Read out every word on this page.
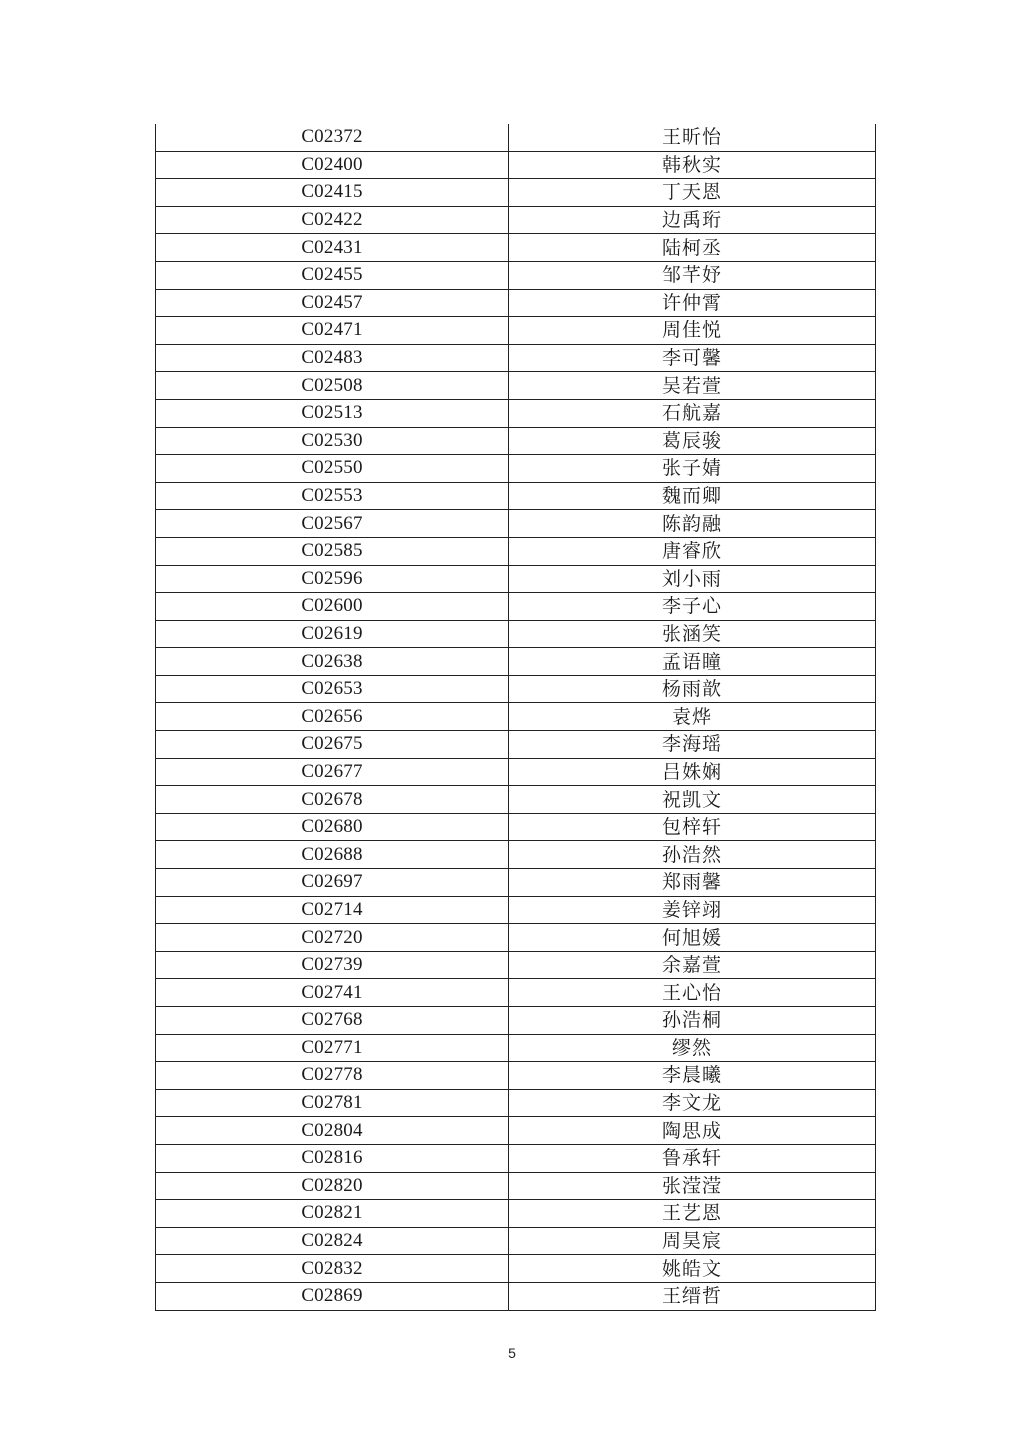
C02372	王昕怡
C02400	韩秋实
C02415	丁天恩
C02422	边禹珩
C02431	陆柯丞
C02455	邹芊妤
C02457	许仲霄
C02471	周佳悦
C02483	李可馨
C02508	吴若萱
C02513	石航嘉
C02530	葛辰骏
C02550	张子婧
C02553	魏而卿
C02567	陈韵融
C02585	唐睿欣
C02596	刘小雨
C02600	李子心
C02619	张涵笑
C02638	孟语瞳
C02653	杨雨歆
C02656	袁烨
C02675	李海瑶
C02677	吕姝娴
C02678	祝凯文
C02680	包梓轩
C02688	孙浩然
C02697	郑雨馨
C02714	姜锌翊
C02720	何旭媛
C02739	余嘉萱
C02741	王心怡
C02768	孙浩桐
C02771	缪然
C02778	李晨曦
C02781	李文龙
C02804	陶思成
C02816	鲁承轩
C02820	张滢滢
C02821	王艺恩
C02824	周昊宸
C02832	姚皓文
C02869	王缙哲
5
